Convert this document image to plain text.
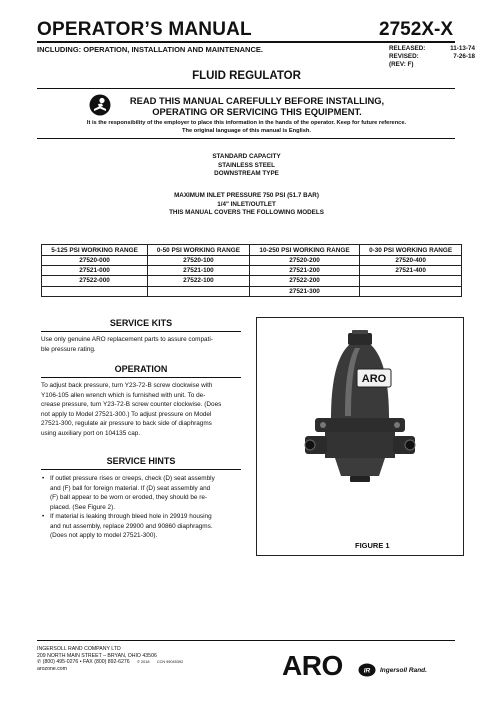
OPERATOR’S MANUAL	2752X-X
INCLUDING: OPERATION, INSTALLATION AND MAINTENANCE.	RELEASED:	11-13-74
REVISED:	7-26-18
(REV: F)
FLUID REGULATOR
READ THIS MANUAL CAREFULLY BEFORE INSTALLING,
OPERATING OR SERVICING THIS EQUIPMENT.
It is the responsibility of the employer to place this information in the hands of the operator. Keep for future reference.
The original language of this manual is English.
STANDARD CAPACITY
STAINLESS STEEL
DOWNSTREAM TYPE
MAXIMUM INLET PRESSURE 750 PSI (51.7 BAR)
1/4" INLET/OUTLET
THIS MANUAL COVERS THE FOLLOWING MODELS
5-125 PSI WORKING RANGE	0-50 PSI WORKING RANGE	10-250 PSI WORKING RANGE	0-30 PSI WORKING RANGE
27520-000	27520-100	27520-200	27520-400
27521-000	27521-100	27521-200	27521-400
27522-000	27522-100	27522-200	
		27521-300	
SERVICE KITS
Use only genuine ARO replacement parts to assure compati-
ble pressure rating.
OPERATION
To adjust back pressure, turn Y23-72-B screw clockwise with
Y106-105 allen wrench which is furnished with unit. To de-
crease pressure, turn Y23-72-B screw counter clockwise. (Does
not apply to Model 27521-300.) To adjust pressure on Model
27521-300, regulate air pressure to back side of diaphragms
using auxiliary port on 104135 cap.
SERVICE HINTS
• If outlet pressure rises or creeps, check (D) seat assembly
and (F) ball for foreign material. If (D) seat assembly and
(F) ball appear to be worn or eroded, they should be re-
placed. (See Figure 2).
• If material is leaking through bleed hole in 29919 housing
and nut assembly, replace 29900 and 90860 diaphragms.
(Does not apply to model 27521-300).
ARO
FIGURE 1
INGERSOLL RAND COMPANY LTD
209 NORTH MAIN STREET – BRYAN, OHIO 43506
✆ (800) 495-0276 • FAX (800) 892-6276 © 2018 CCN 99045392
arozone.com	ARO	IR Ingersoll Rand.
